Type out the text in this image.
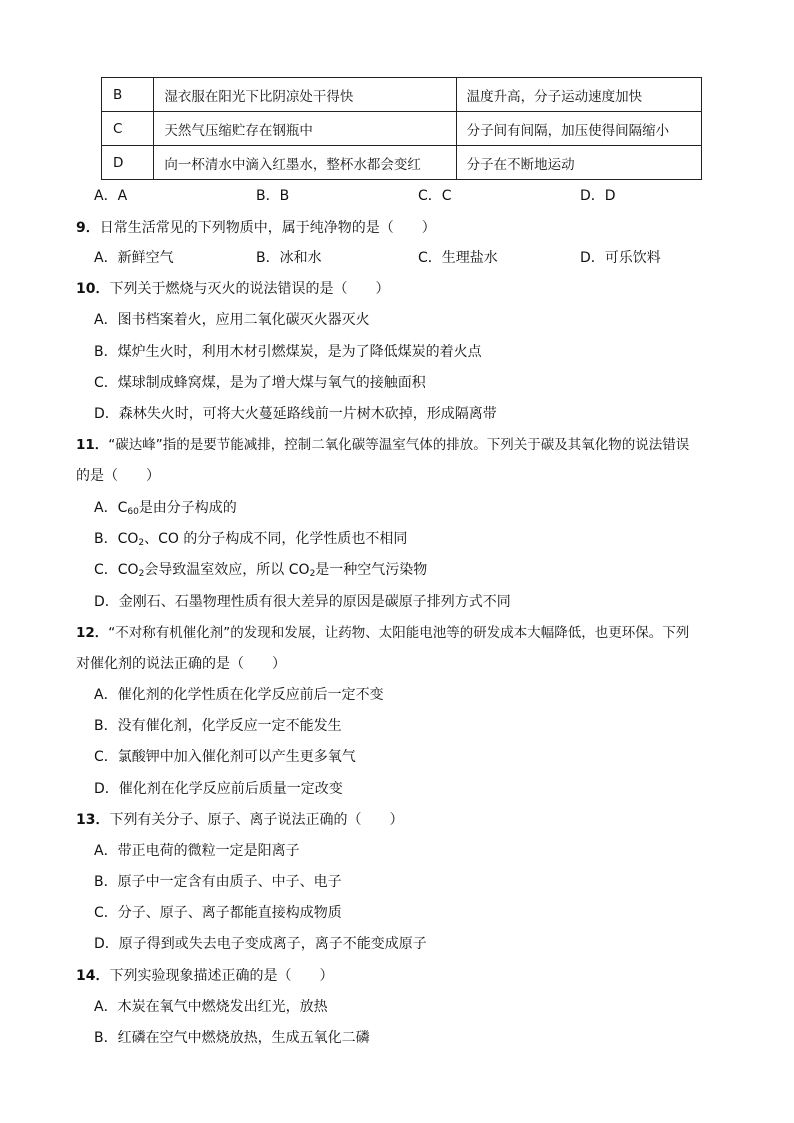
B	湿衣服在阳光下比阴凉处干得快	温度升高，分子运动速度加快
C	天然气压缩贮存在钢瓶中	分子间有间隔，加压使得间隔缩小
D	向一杯清水中滴入红墨水，整杯水都会变红	分子在不断地运动
A．A	B．B	C．C	D．D
9．日常生活常见的下列物质中，属于纯净物的是（　　）
A．新鲜空气	B．冰和水	C．生理盐水	D．可乐饮料
10．下列关于燃烧与灭火的说法错误的是（　　）
A．图书档案着火，应用二氧化碳灭火器灭火
B．煤炉生火时，利用木材引燃煤炭，是为了降低煤炭的着火点
C．煤球制成蜂窝煤，是为了增大煤与氧气的接触面积
D．森林失火时，可将大火蔓延路线前一片树木砍掉，形成隔离带
11．“碳达峰”指的是要节能减排，控制二氧化碳等温室气体的排放。下列关于碳及其氧化物的说法错误
的是（　　）
A．$C_{60}$是由分子构成的
B．$CO_2$、CO 的分子构成不同，化学性质也不相同
C．$CO_2$会导致温室效应，所以 $CO_2$是一种空气污染物
D．金刚石、石墨物理性质有很大差异的原因是碳原子排列方式不同
12．“不对称有机催化剂”的发现和发展，让药物、太阳能电池等的研发成本大幅降低，也更环保。下列
对催化剂的说法正确的是（　　）
A．催化剂的化学性质在化学反应前后一定不变
B．没有催化剂，化学反应一定不能发生
C．氯酸钾中加入催化剂可以产生更多氧气
D．催化剂在化学反应前后质量一定改变
13．下列有关分子、原子、离子说法正确的（　　）
A．带正电荷的微粒一定是阳离子
B．原子中一定含有由质子、中子、电子
C．分子、原子、离子都能直接构成物质
D．原子得到或失去电子变成离子，离子不能变成原子
14．下列实验现象描述正确的是（　　）
A．木炭在氧气中燃烧发出红光，放热
B．红磷在空气中燃烧放热，生成五氧化二磷
